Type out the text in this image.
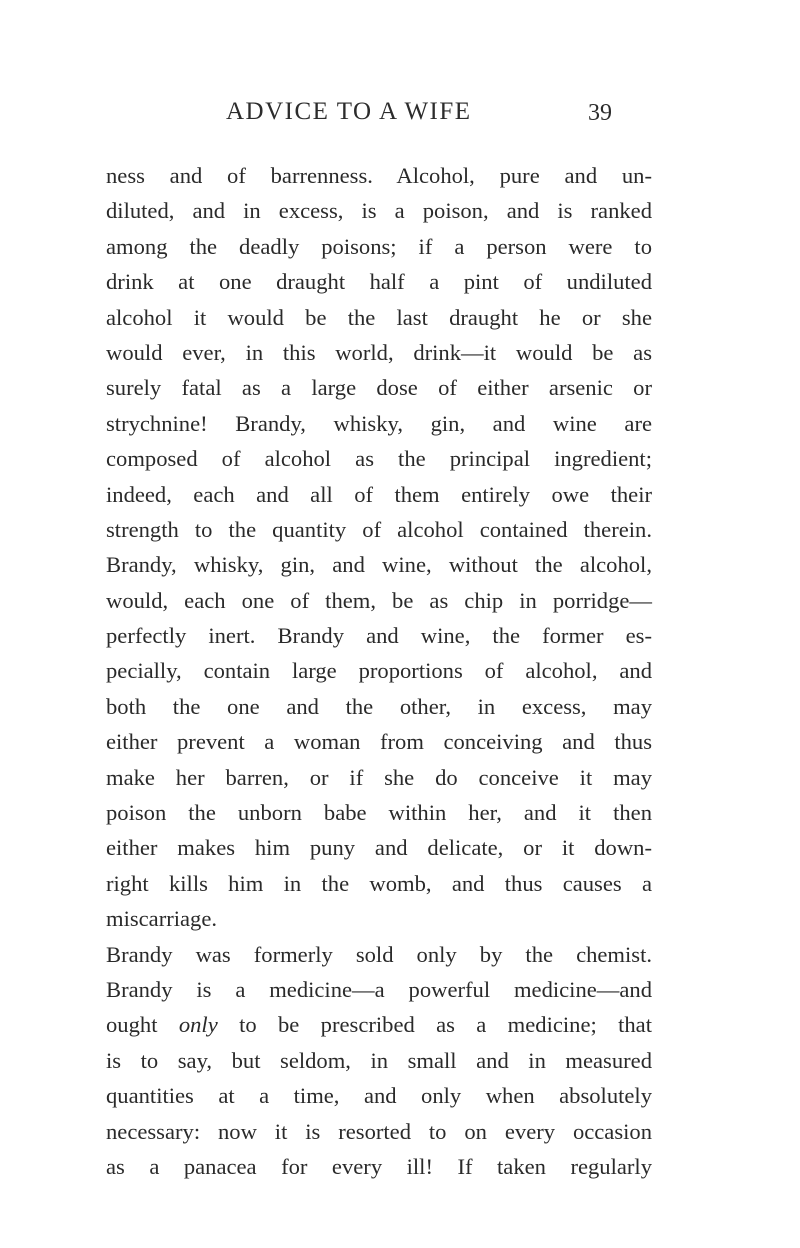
ADVICE TO A WIFE	39
ness and of barrenness. Alcohol, pure and un-
diluted, and in excess, is a poison, and is ranked
among the deadly poisons; if a person were to
drink at one draught half a pint of undiluted
alcohol it would be the last draught he or she
would ever, in this world, drink—it would be as
surely fatal as a large dose of either arsenic or
strychnine! Brandy, whisky, gin, and wine are
composed of alcohol as the principal ingredient;
indeed, each and all of them entirely owe their
strength to the quantity of alcohol contained therein.
Brandy, whisky, gin, and wine, without the alcohol,
would, each one of them, be as chip in porridge—
perfectly inert. Brandy and wine, the former es-
pecially, contain large proportions of alcohol, and
both the one and the other, in excess, may
either prevent a woman from conceiving and thus
make her barren, or if she do conceive it may
poison the unborn babe within her, and it then
either makes him puny and delicate, or it down-
right kills him in the womb, and thus causes a
miscarriage.
Brandy was formerly sold only by the chemist.
Brandy is a medicine—a powerful medicine—and
ought only to be prescribed as a medicine; that
is to say, but seldom, in small and in measured
quantities at a time, and only when absolutely
necessary: now it is resorted to on every occasion
as a panacea for every ill! If taken regularly
